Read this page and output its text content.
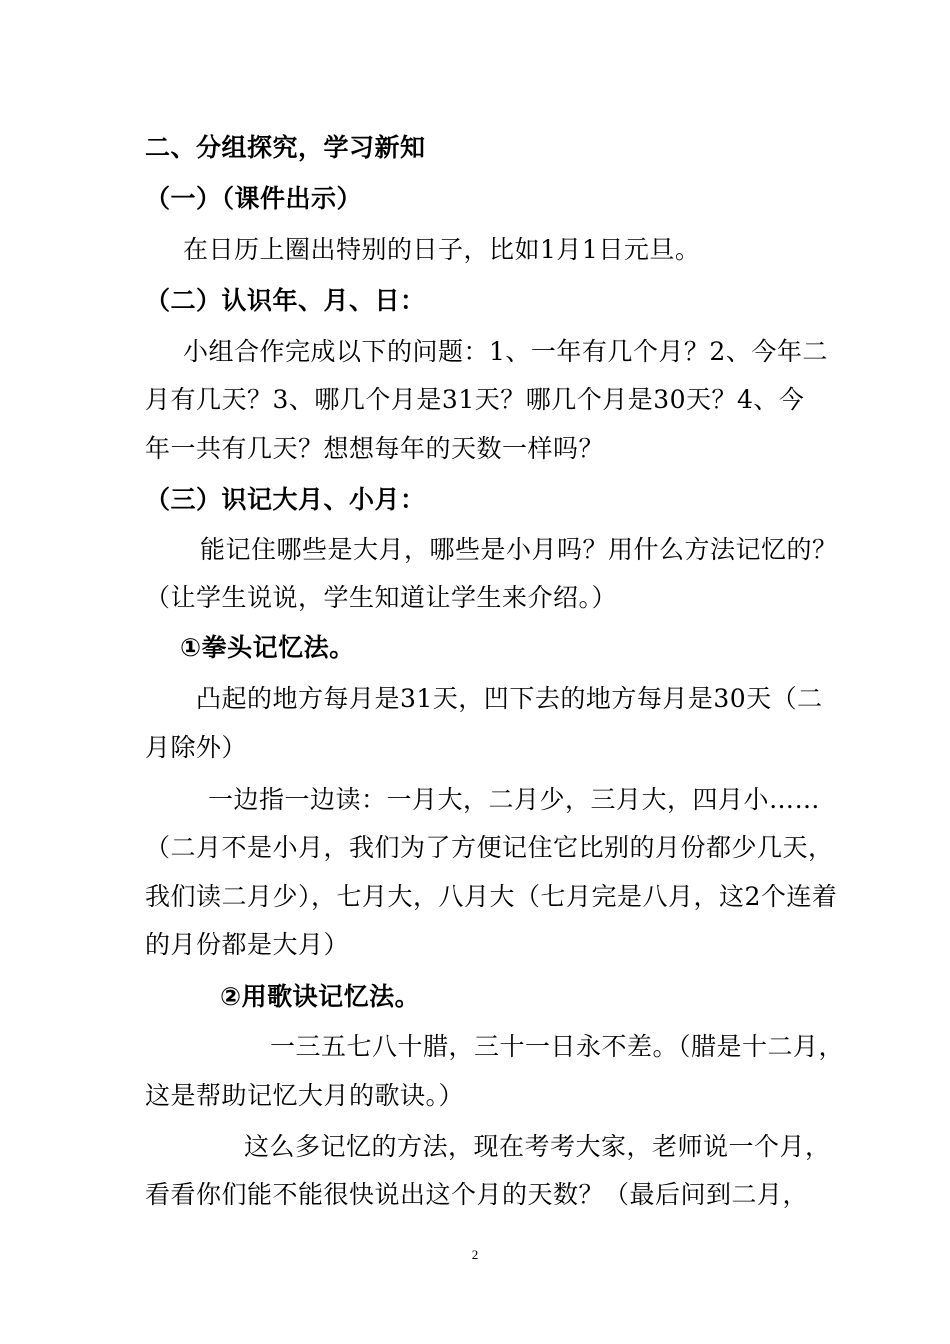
二、分组探究，学习新知
（一）（课件出示）
在日历上圈出特别的日子，比如1月1日元旦。
（二）认识年、月、日：
小组合作完成以下的问题：1、一年有几个月？2、今年二
月有几天？3、哪几个月是31天？哪几个月是30天？4、今
年一共有几天？想想每年的天数一样吗？
（三）识记大月、小月：
能记住哪些是大月，哪些是小月吗？用什么方法记忆的？
（让学生说说，学生知道让学生来介绍。）
①拳头记忆法。
凸起的地方每月是31天，凹下去的地方每月是30天（二
月除外）
一边指一边读：一月大，二月少，三月大，四月小……
（二月不是小月，我们为了方便记住它比别的月份都少几天，
我们读二月少），七月大，八月大（七月完是八月，这2个连着
的月份都是大月）
②用歌诀记忆法。
一三五七八十腊，三十一日永不差。（腊是十二月，
这是帮助记忆大月的歌诀。）
这么多记忆的方法，现在考考大家，老师说一个月，
看看你们能不能很快说出这个月的天数？（最后问到二月，
2
